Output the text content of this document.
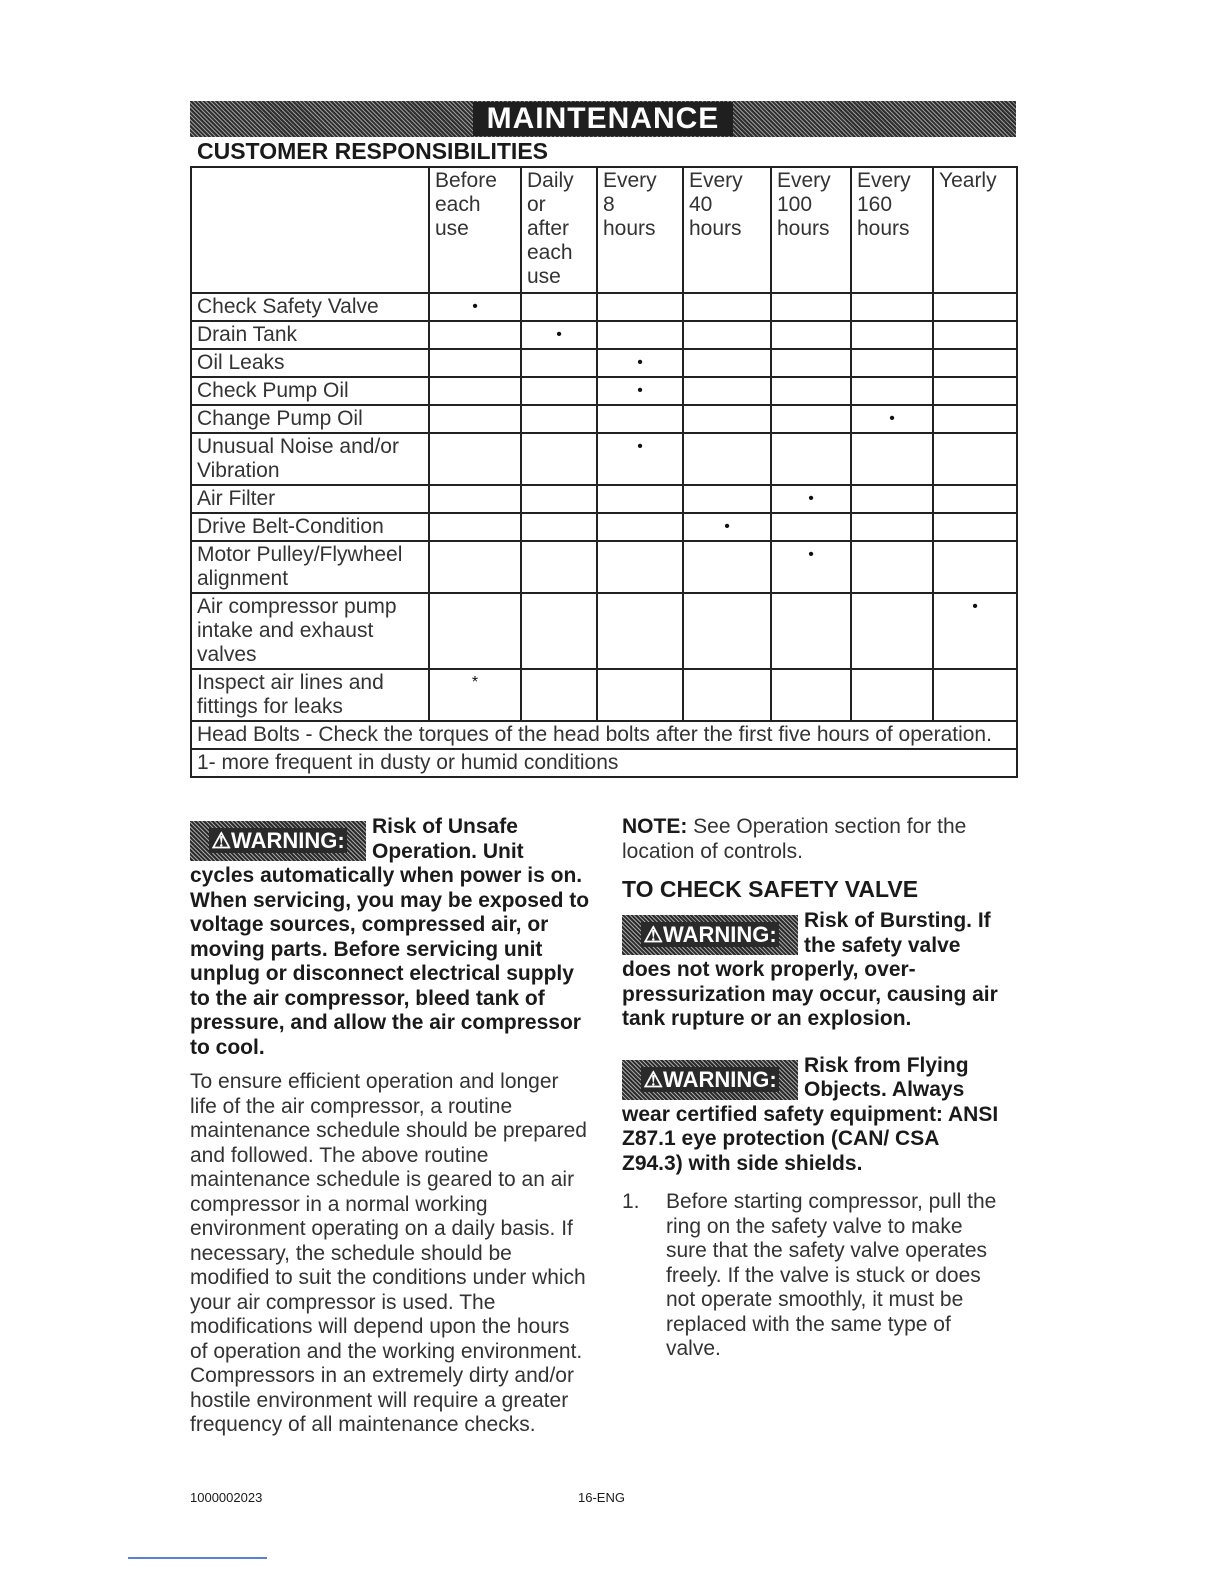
MAINTENANCE
CUSTOMER RESPONSIBILITIES
	Before
each
use	Daily
or
after
each
use	Every
8
hours	Every
40
hours	Every
100
hours	Every
160
hours	Yearly
Check Safety Valve	•						
Drain Tank		•					
Oil Leaks			•				
Check Pump Oil			•				
Change Pump Oil						•	
Unusual Noise and/or
Vibration			•				
Air Filter					•		
Drive Belt-Condition				•			
Motor Pulley/Flywheel
alignment					•		
Air compressor pump
intake and exhaust
valves							•
Inspect air lines and
fittings for leaks	*						
Head Bolts - Check the torques of the head bolts after the first five hours of operation.							
1- more frequent in dusty or humid conditions							
⚠WARNING:
Risk of Unsafe Operation. Unit cycles automatically when power is on. When servicing, you may be exposed to voltage sources, compressed air, or moving parts. Before servicing unit unplug or disconnect electrical supply to the air compressor, bleed tank of pressure, and allow the air compressor to cool.
To ensure efficient operation and longer life of the air compressor, a routine maintenance schedule should be prepared and followed. The above routine maintenance schedule is geared to an air compressor in a normal working environment operating on a daily basis. If necessary, the schedule should be modified to suit the conditions under which your air compressor is used. The modifications will depend upon the hours of operation and the working environment. Compressors in an extremely dirty and/or hostile environment will require a greater frequency of all maintenance checks.
NOTE: See Operation section for the location of controls.
TO CHECK SAFETY VALVE
⚠WARNING:
Risk of Bursting. If the safety valve does not work properly, over-pressurization may occur, causing air tank rupture or an explosion.
⚠WARNING:
Risk from Flying Objects. Always wear certified safety equipment: ANSI Z87.1 eye protection (CAN/ CSA Z94.3) with side shields.
1.	Before starting compressor, pull the ring on the safety valve to make sure that the safety valve operates freely. If the valve is stuck or does not operate smoothly, it must be replaced with the same type of valve.
1000002023	16-ENG
